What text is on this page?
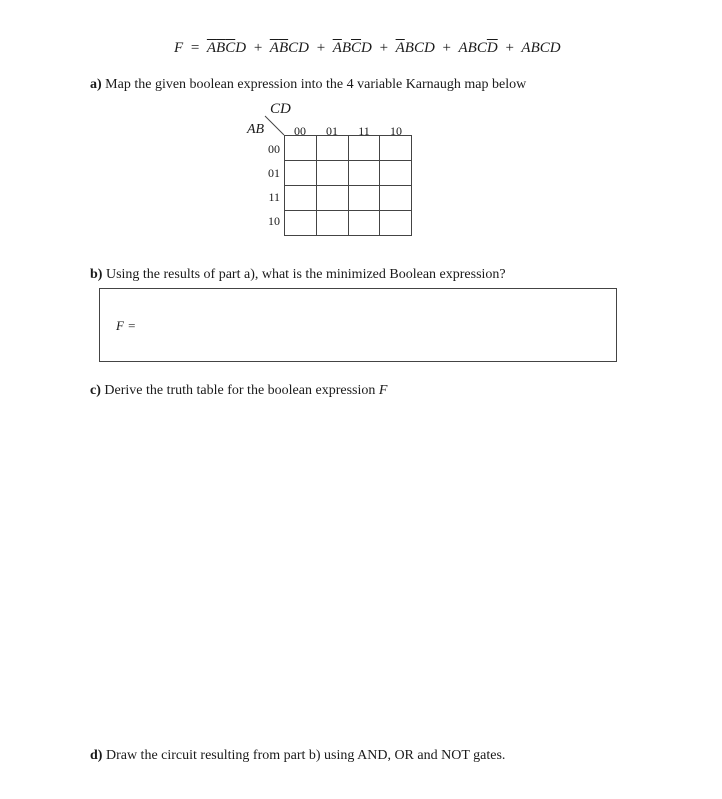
$F = \overline{A}\overline{B}\overline{C}D + \overline{A}\overline{B}CD + \overline{A}B\overline{C}D + \overline{A}BCD + ABC\overline{D}$ + ABCD
a) Map the given boolean expression into the 4 variable Karnaugh map below
CD
AB	00	01	11	10
00
01
11
10

b) Using the results of part a), what is the minimized Boolean expression?
F =
c) Derive the truth table for the boolean expression F
d) Draw the circuit resulting from part b) using AND, OR and NOT gates.
